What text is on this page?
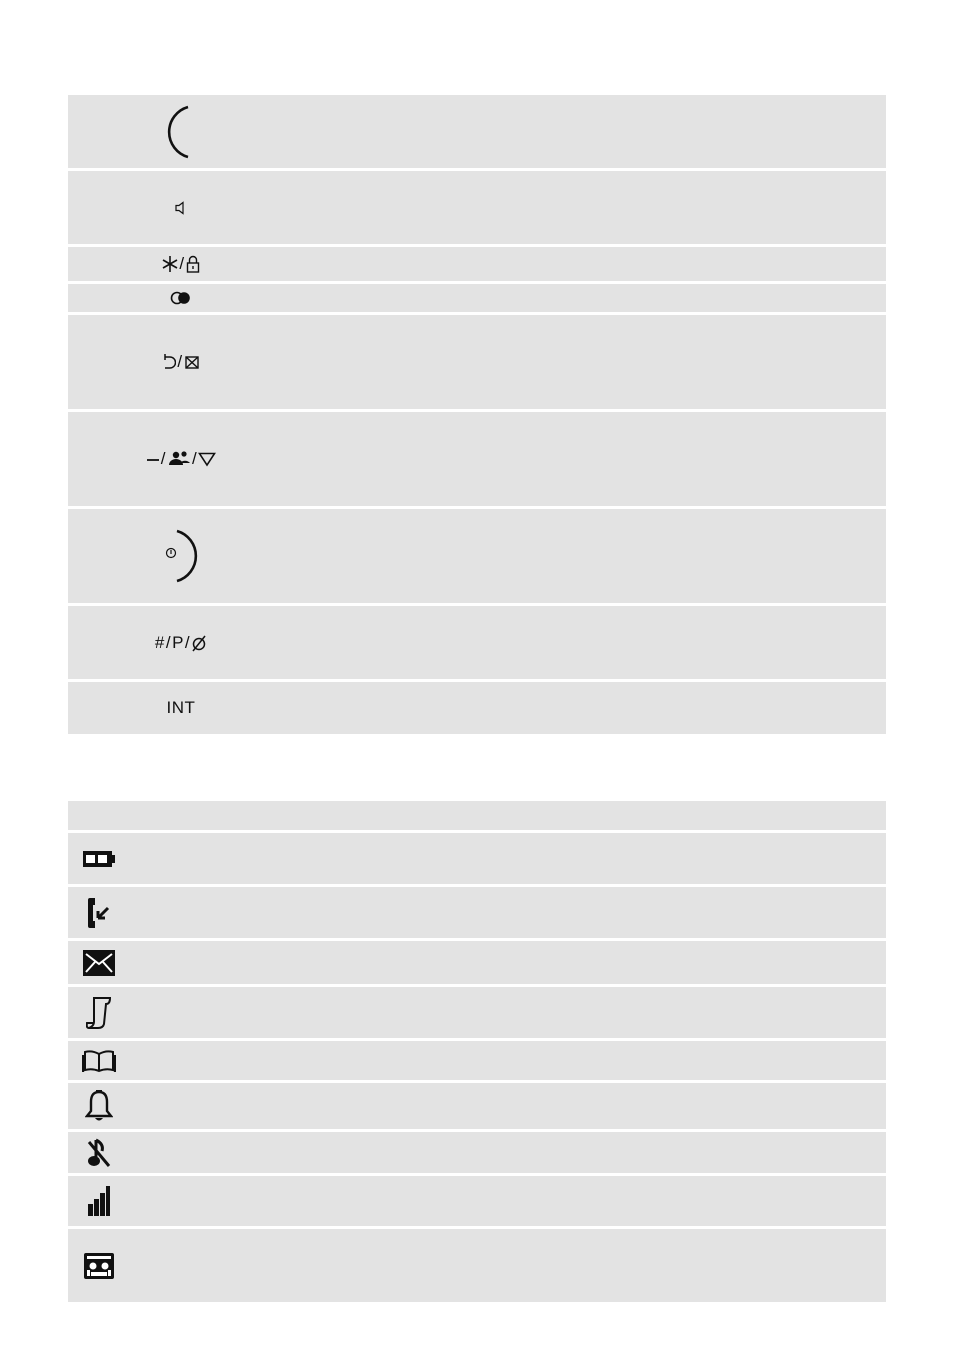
/
/
/ /
# / P /
INT
